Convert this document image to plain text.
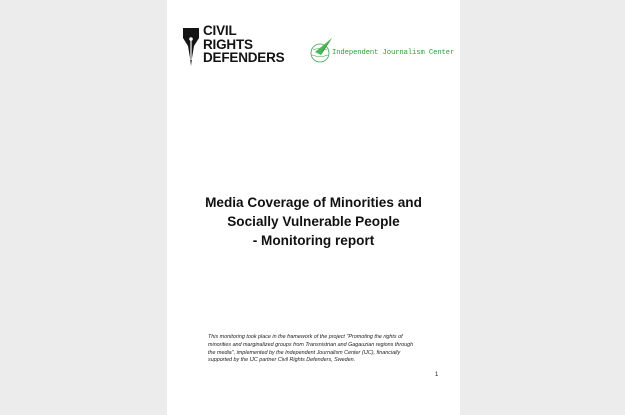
CIVIL
RIGHTS
DEFENDERS	Independent Journalism Center
Media Coverage of Minorities and
Socially Vulnerable People
- Monitoring report
This monitoring took place in the framework of the project "Promoting the rights of
minorities and marginalized groups from Transnistrian and Gagauzian regions through
the media", implemented by the Independent Journalism Center (IJC), financially
supported by the IJC partner Civil Rights Defenders, Sweden.
1
